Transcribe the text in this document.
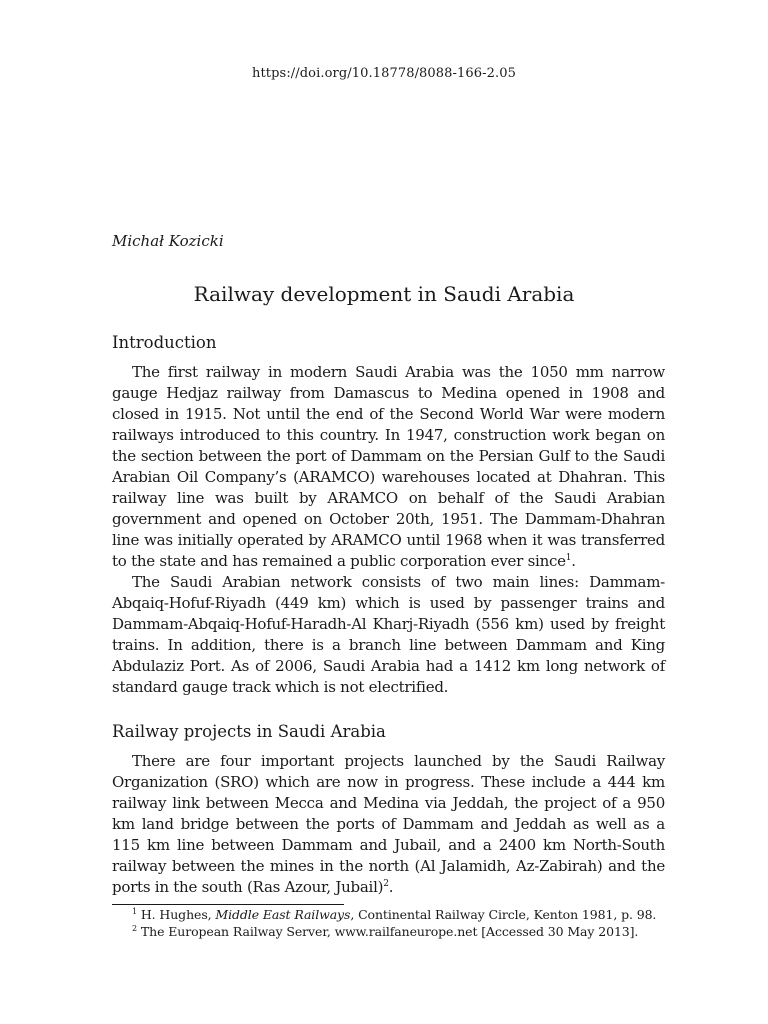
https://doi.org/10.18778/8088-166-2.05
Michał Kozicki
Railway development in Saudi Arabia
Introduction

The first railway in modern Saudi Arabia was the 1050 mm narrow gauge Hedjaz railway from Damascus to Medina opened in 1908 and closed in 1915. Not until the end of the Second World War were modern railways introduced to this country. In 1947, construction work began on the section between the port of Dammam on the Persian Gulf to the Saudi Arabian Oil Company’s (ARAMCO) warehouses located at Dhahran. This railway line was built by ARAMCO on behalf of the Saudi Arabian government and opened on October 20th, 1951. The Dammam-Dhahran line was initially operated by ARAMCO until 1968 when it was transferred to the state and has remained a public corporation ever since$^1$.

The Saudi Arabian network consists of two main lines: Dammam-Abqaiq-Hofuf-Riyadh (449 km) which is used by passenger trains and Dammam-Abqaiq-Hofuf-Haradh-Al Kharj-Riyadh (556 km) used by freight trains. In addition, there is a branch line between Dammam and King Abdulaziz Port. As of 2006, Saudi Arabia had a 1412 km long network of standard gauge track which is not electrified.

Railway projects in Saudi Arabia

There are four important projects launched by the Saudi Railway Organization (SRO) which are now in progress. These include a 444 km railway link between Mecca and Medina via Jeddah, the project of a 950 km land bridge between the ports of Dammam and Jeddah as well as a 115 km line between Dammam and Jubail, and a 2400 km North-South railway between the mines in the north (Al Jalamidh, Az-Zabirah) and the ports in the south (Ras Azour, Jubail)$^2$.

$^1$ H. Hughes, Middle East Railways, Continental Railway Circle, Kenton 1981, p. 98.
$^2$ The European Railway Server, www.railfaneurope.net [Accessed 30 May 2013].
